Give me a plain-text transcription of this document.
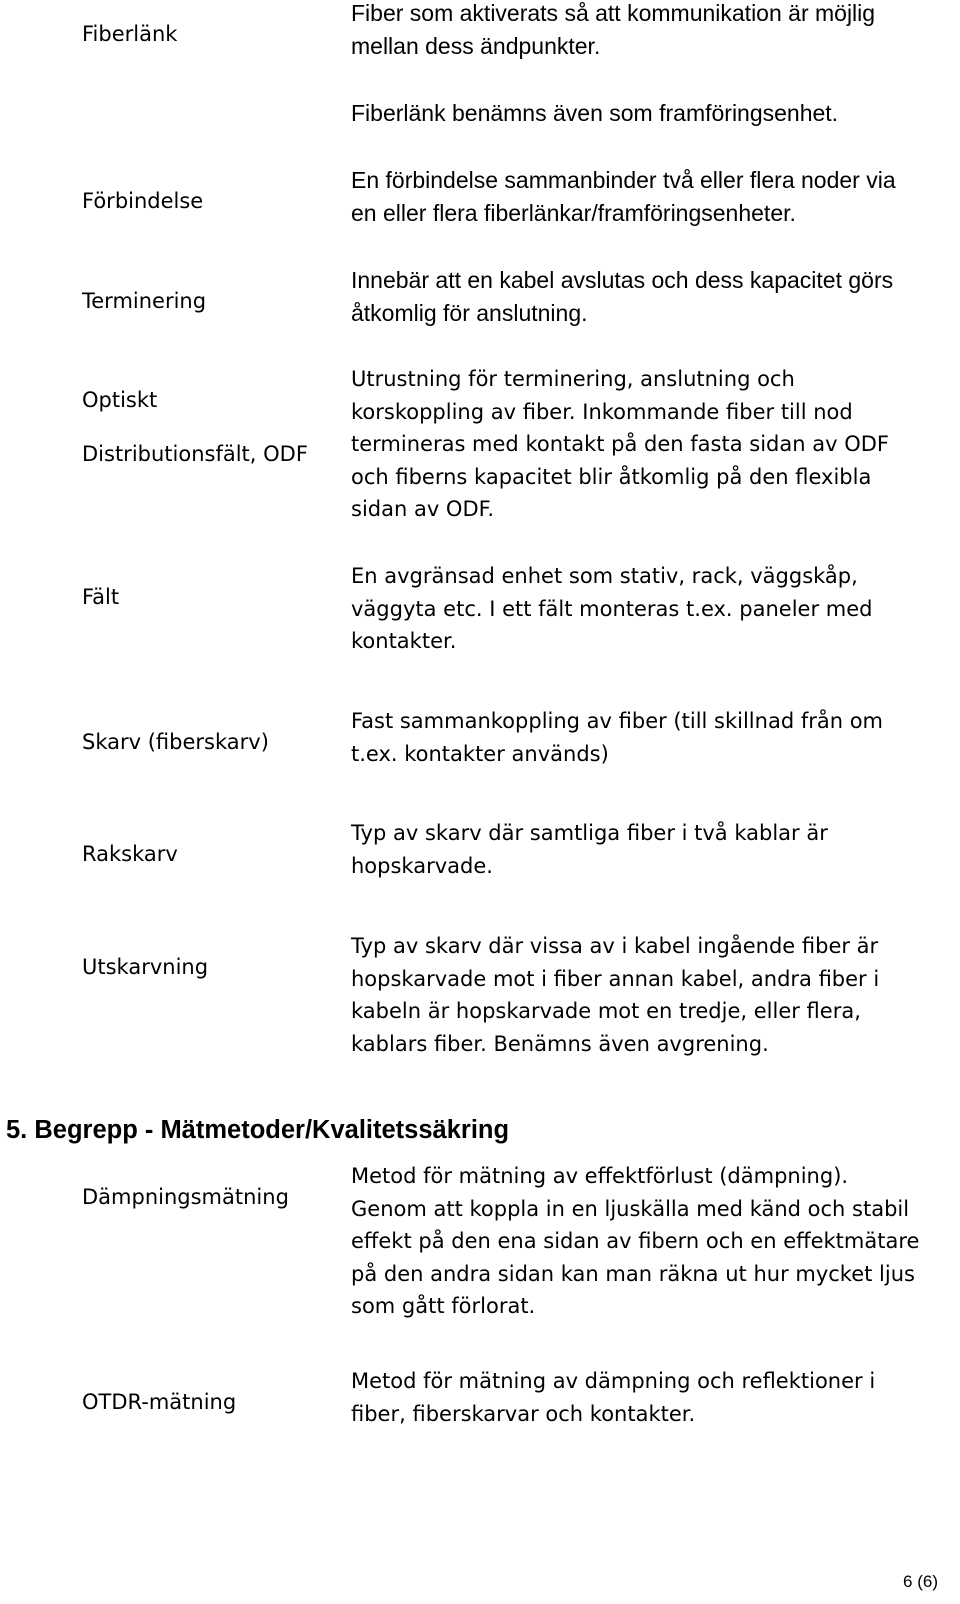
Fiberlänk

Fiber som aktiverats så att kommunikation är möjlig

mellan dess ändpunkter.

Fiberlänk benämns även som framföringsenhet.

Förbindelse

En förbindelse sammanbinder två eller flera noder via

en eller flera fiberlänkar/framföringsenheter.

Terminering

Innebär att en kabel avslutas och dess kapacitet görs

åtkomlig för anslutning.

Optiskt

Distributionsfält, ODF

Utrustning för terminering, anslutning och

korskoppling av fiber. Inkommande fiber till nod

termineras med kontakt på den fasta sidan av ODF

och fiberns kapacitet blir åtkomlig på den flexibla

sidan av ODF.

Fält

En avgränsad enhet som stativ, rack, väggskåp,

väggyta etc. I ett fält monteras t.ex. paneler med

kontakter.

Skarv (fiberskarv)

Fast sammankoppling av fiber (till skillnad från om

t.ex. kontakter används)

Rakskarv

Typ av skarv där samtliga fiber i två kablar är

hopskarvade.

Utskarvning

Typ av skarv där vissa av i kabel ingående fiber är

hopskarvade mot i fiber annan kabel, andra fiber i

kabeln är hopskarvade mot en tredje, eller flera,

kablars fiber. Benämns även avgrening.

5. Begrepp - Mätmetoder/Kvalitetssäkring

Dämpningsmätning

Metod för mätning av effektförlust (dämpning).

Genom att koppla in en ljuskälla med känd och stabil

effekt på den ena sidan av fibern och en effektmätare

på den andra sidan kan man räkna ut hur mycket ljus

som gått förlorat.

OTDR-mätning

Metod för mätning av dämpning och reflektioner i

fiber, fiberskarvar och kontakter.

6 (6)
